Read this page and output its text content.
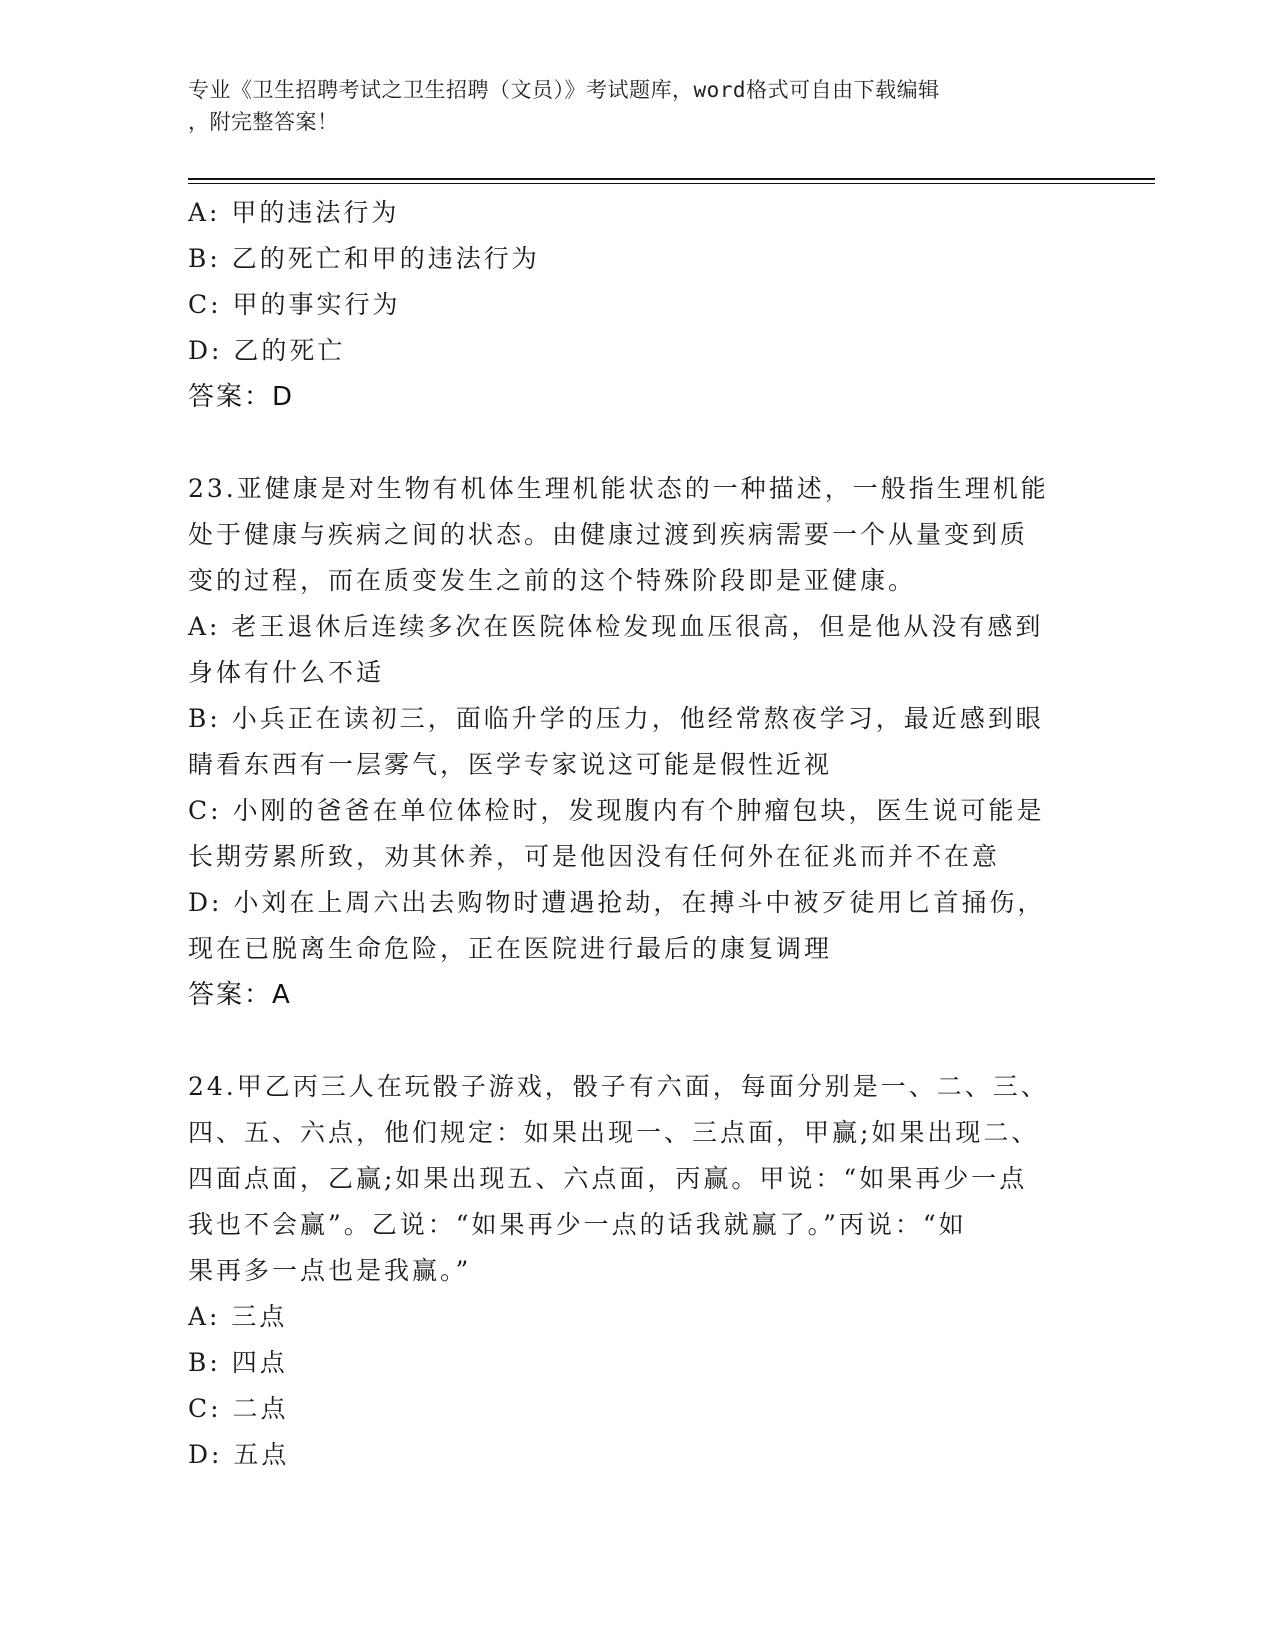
专业《卫生招聘考试之卫生招聘（文员）》考试题库，word格式可自由下载编辑
，附完整答案！

A: 甲的违法行为

B: 乙的死亡和甲的违法行为

C: 甲的事实行为

D: 乙的死亡

答案：D

23.亚健康是对生物有机体生理机能状态的一种描述，一般指生理机能

处于健康与疾病之间的状态。由健康过渡到疾病需要一个从量变到质

变的过程，而在质变发生之前的这个特殊阶段即是亚健康。

A: 老王退休后连续多次在医院体检发现血压很高，但是他从没有感到

身体有什么不适

B: 小兵正在读初三，面临升学的压力，他经常熬夜学习，最近感到眼

睛看东西有一层雾气，医学专家说这可能是假性近视

C: 小刚的爸爸在单位体检时，发现腹内有个肿瘤包块，医生说可能是

长期劳累所致，劝其休养，可是他因没有任何外在征兆而并不在意

D: 小刘在上周六出去购物时遭遇抢劫，在搏斗中被歹徒用匕首捅伤，

现在已脱离生命危险，正在医院进行最后的康复调理

答案：A

24.甲乙丙三人在玩骰子游戏，骰子有六面，每面分别是一、二、三、

四、五、六点，他们规定：如果出现一、三点面，甲赢;如果出现二、

四面点面，乙赢;如果出现五、六点面，丙赢。甲说：“如果再少一点

我也不会赢”。乙说：“如果再少一点的话我就赢了。”丙说：“如

果再多一点也是我赢。”

A: 三点

B: 四点

C: 二点

D: 五点
